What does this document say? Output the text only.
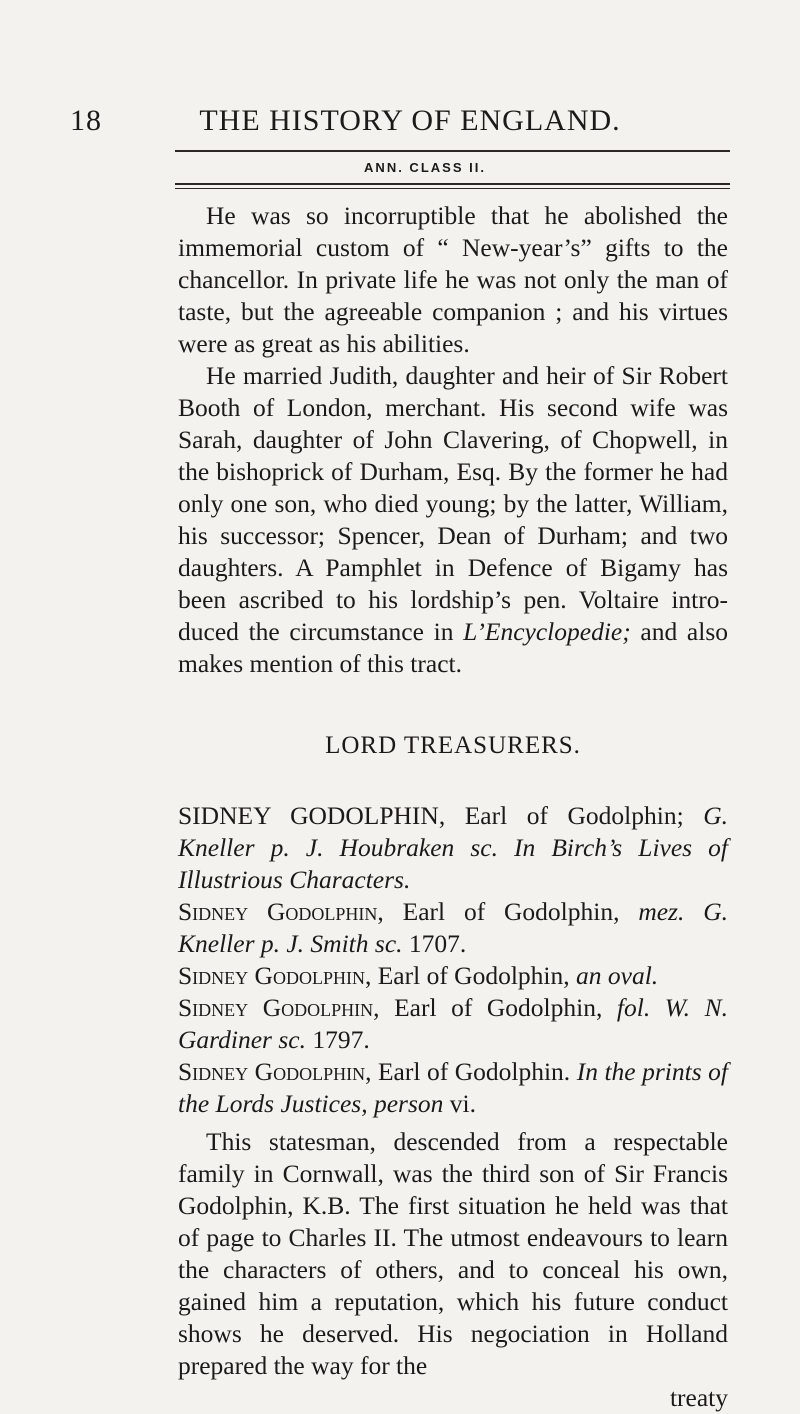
18	THE HISTORY OF ENGLAND.
ANN. CLASS II.

He was so incorruptible that he abolished the immemorial custom of “ New-year’s” gifts to the chancellor. In private life he was not only the man of taste, but the agreeable companion ; and his virtues were as great as his abilities.

He married Judith, daughter and heir of Sir Robert Booth of London, merchant. His second wife was Sarah, daughter of John Clavering, of Chopwell, in the bishoprick of Durham, Esq. By the former he had only one son, who died young; by the latter, William, his successor; Spencer, Dean of Durham; and two daughters. A Pamphlet in Defence of Bigamy has been ascribed to his lordship’s pen. Voltaire introduced the circumstance in L’Encyclopedie; and also makes mention of this tract.

LORD TREASURERS.

SIDNEY GODOLPHIN, Earl of Godolphin; G. Kneller p. J. Houbraken sc. In Birch’s Lives of Illustrious Characters.

Sidney Godolphin, Earl of Godolphin, mez. G. Kneller p. J. Smith sc. 1707.

Sidney Godolphin, Earl of Godolphin, an oval.

Sidney Godolphin, Earl of Godolphin, fol. W. N. Gardiner sc. 1797.

Sidney Godolphin, Earl of Godolphin. In the prints of the Lords Justices, person vi.

This statesman, descended from a respectable family in Cornwall, was the third son of Sir Francis Godolphin, K.B. The first situation he held was that of page to Charles II. The utmost endeavours to learn the characters of others, and to conceal his own, gained him a reputation, which his future conduct shows he deserved. His negociation in Holland prepared the way for the

treaty
